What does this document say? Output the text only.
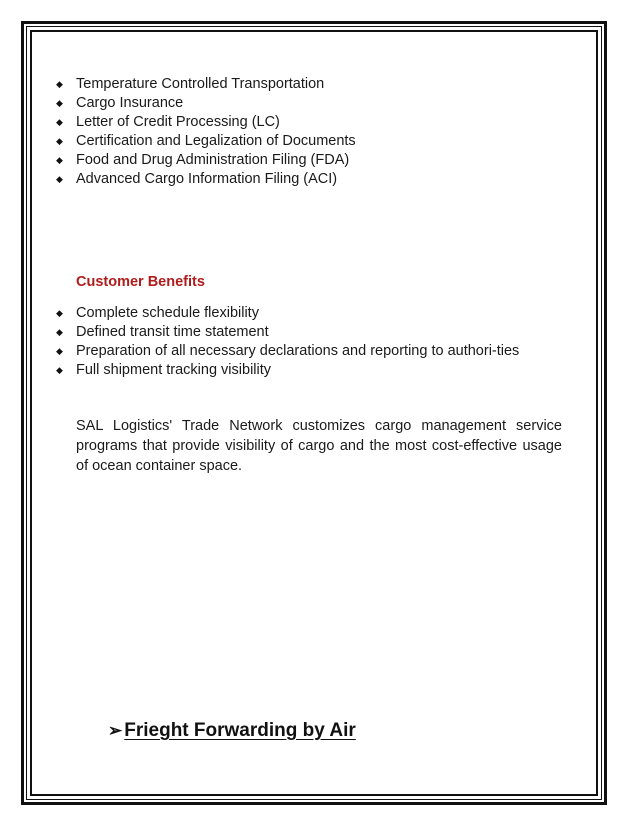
◆ Temperature Controlled Transportation
◆ Cargo Insurance
◆ Letter of Credit Processing (LC)
◆ Certification and Legalization of Documents
◆ Food and Drug Administration Filing (FDA)
◆ Advanced Cargo Information Filing (ACI)
Customer Benefits
◆ Complete schedule flexibility
◆ Defined transit time statement
◆ Preparation of all necessary declarations and reporting to authori-ties
◆ Full shipment tracking visibility

SAL Logistics' Trade Network customizes cargo management service programs that provide visibility of cargo and the most cost-effective usage of ocean container space.

➢ Frieght Forwarding by Air
